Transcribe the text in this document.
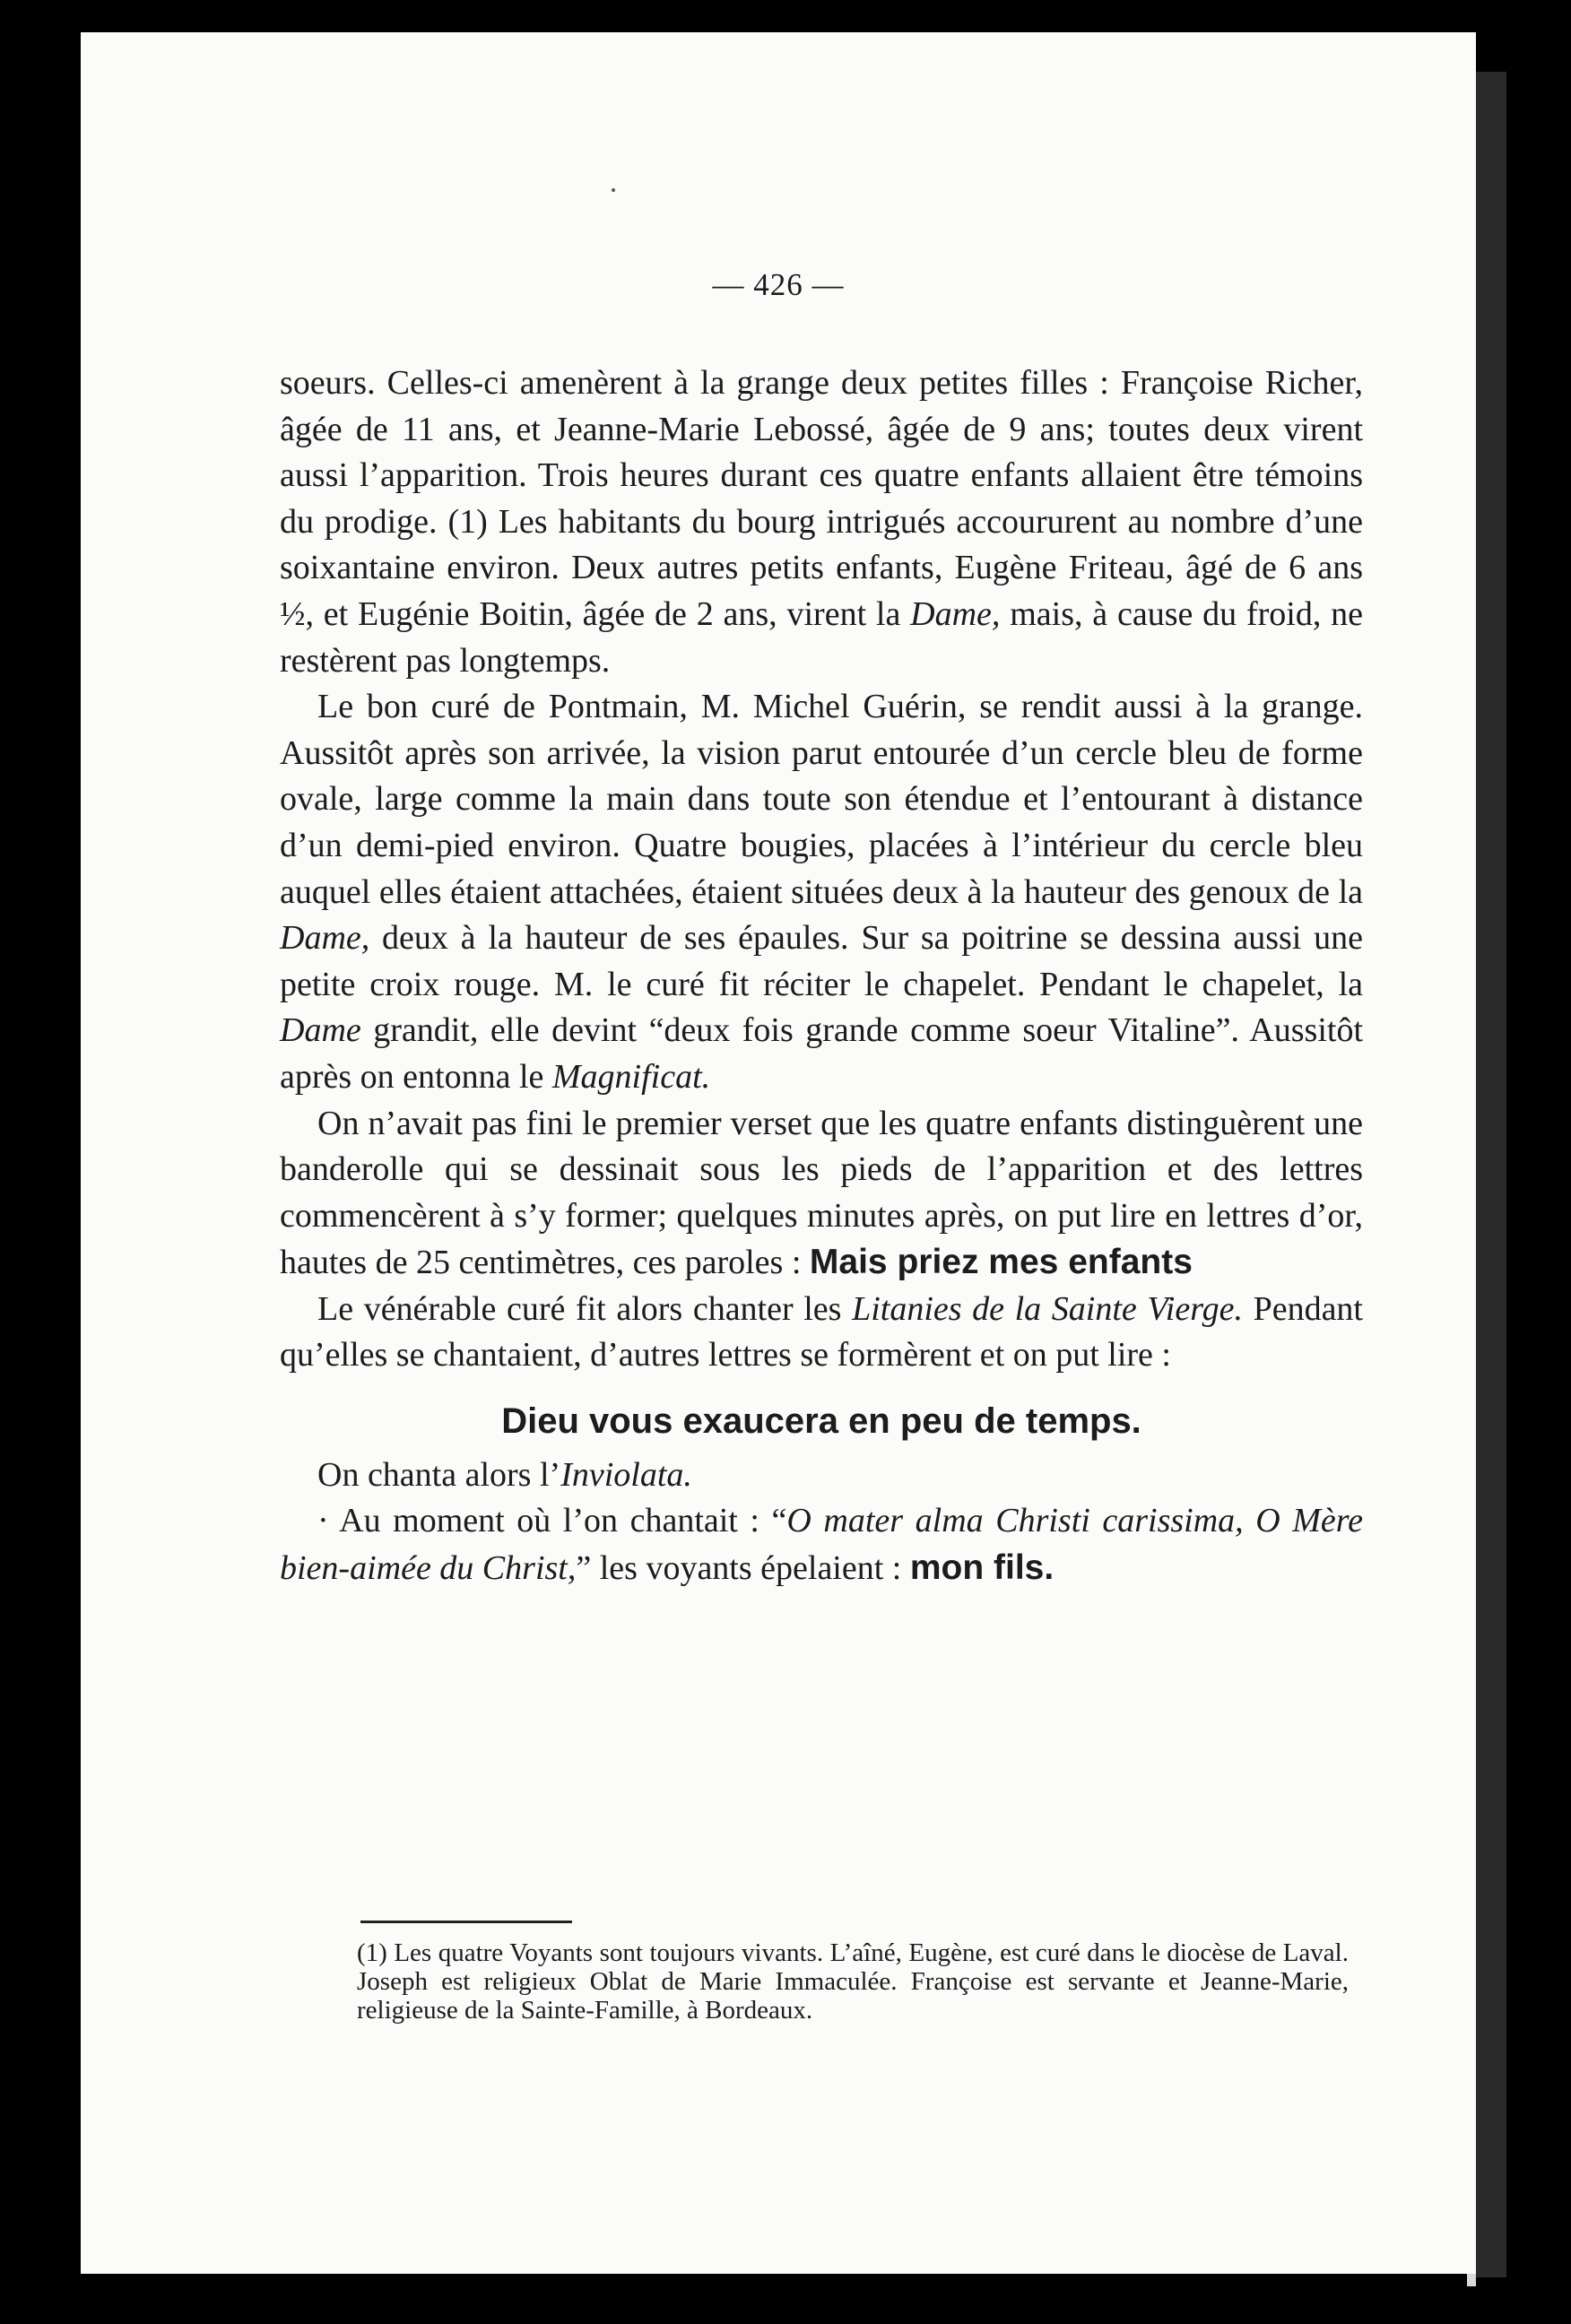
— 426 —

soeurs. Celles-ci amenèrent à la grange deux petites filles : Françoise Richer, âgée de 11 ans, et Jeanne-Marie Lebossé, âgée de 9 ans; toutes deux virent aussi l’apparition. Trois heures durant ces quatre enfants allaient être témoins du prodige. (1) Les habitants du bourg intrigués accoururent au nombre d’une soixantaine environ. Deux autres petits enfants, Eugène Friteau, âgé de 6 ans ½, et Eugénie Boitin, âgée de 2 ans, virent la Dame, mais, à cause du froid, ne restèrent pas longtemps.

Le bon curé de Pontmain, M. Michel Guérin, se rendit aussi à la grange. Aussitôt après son arrivée, la vision parut entourée d’un cercle bleu de forme ovale, large comme la main dans toute son étendue et l’entourant à distance d’un demi-pied environ. Quatre bougies, placées à l’intérieur du cercle bleu auquel elles étaient attachées, étaient situées deux à la hauteur des genoux de la Dame, deux à la hauteur de ses épaules. Sur sa poitrine se dessina aussi une petite croix rouge. M. le curé fit réciter le chapelet. Pendant le chapelet, la Dame grandit, elle devint “deux fois grande comme soeur Vitaline”. Aussitôt après on entonna le Magnificat.

On n’avait pas fini le premier verset que les quatre enfants distinguèrent une banderolle qui se dessinait sous les pieds de l’apparition et des lettres commencèrent à s’y former; quelques minutes après, on put lire en lettres d’or, hautes de 25 centimètres, ces paroles : Mais priez mes enfants

Le vénérable curé fit alors chanter les Litanies de la Sainte Vierge. Pendant qu’elles se chantaient, d’autres lettres se formèrent et on put lire :

Dieu vous exaucera en peu de temps.

On chanta alors l’Inviolata.

· Au moment où l’on chantait : “O mater alma Christi carissima, O Mère bien-aimée du Christ,” les voyants épelaient : mon fils.

(1) Les quatre Voyants sont toujours vivants. L’aîné, Eugène, est curé dans le diocèse de Laval. Joseph est religieux Oblat de Marie Immaculée. Françoise est servante et Jeanne-Marie, religieuse de la Sainte-Famille, à Bordeaux.
